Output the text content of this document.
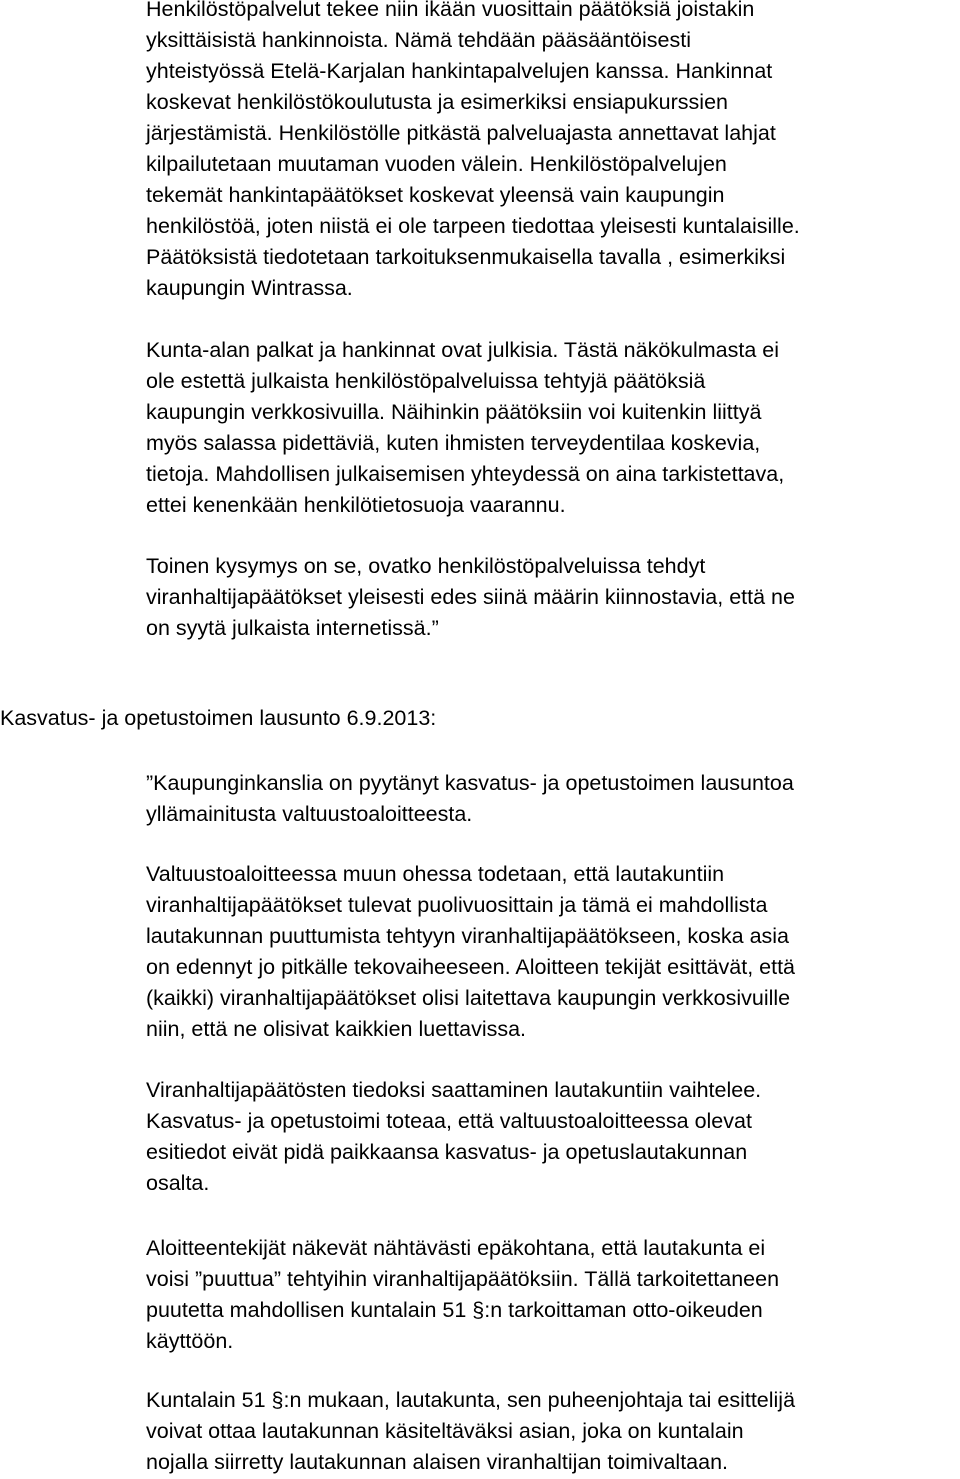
Henkilöstöpalvelut tekee niin ikään vuosittain päätöksiä joistakin
yksittäisistä hankinnoista. Nämä tehdään pääsääntöisesti
yhteistyössä Etelä-Karjalan hankintapalvelujen kanssa. Hankinnat
koskevat henkilöstökoulutusta ja esimerkiksi ensiapukurssien
järjestämistä. Henkilöstölle pitkästä palveluajasta annettavat lahjat
kilpailutetaan muutaman vuoden välein. Henkilöstöpalvelujen
tekemät hankintapäätökset koskevat yleensä vain kaupungin
henkilöstöä, joten niistä ei ole tarpeen tiedottaa yleisesti kuntalaisille.
Päätöksistä tiedotetaan tarkoituksenmukaisella tavalla , esimerkiksi
kaupungin Wintrassa.
Kunta-alan palkat ja hankinnat ovat julkisia. Tästä näkökulmasta ei
ole estettä julkaista henkilöstöpalveluissa tehtyjä päätöksiä
kaupungin verkkosivuilla. Näihinkin päätöksiin voi kuitenkin liittyä
myös salassa pidettäviä, kuten ihmisten terveydentilaa koskevia,
tietoja. Mahdollisen julkaisemisen yhteydessä on aina tarkistettava,
ettei kenenkään henkilötietosuoja vaarannu.
Toinen kysymys on se, ovatko henkilöstöpalveluissa tehdyt
viranhaltijapäätökset yleisesti edes siinä määrin kiinnostavia, että ne
on syytä julkaista internetissä.”
Kasvatus- ja opetustoimen lausunto 6.9.2013:
”Kaupunginkanslia on pyytänyt kasvatus- ja opetustoimen lausuntoa
yllämainitusta valtuustoaloitteesta.
Valtuustoaloitteessa muun ohessa todetaan, että lautakuntiin
viranhaltijapäätökset tulevat puolivuosittain ja tämä ei mahdollista
lautakunnan puuttumista tehtyyn viranhaltijapäätökseen, koska asia
on edennyt jo pitkälle tekovaiheeseen. Aloitteen tekijät esittävät, että
(kaikki) viranhaltijapäätökset olisi laitettava kaupungin verkkosivuille
niin, että ne olisivat kaikkien luettavissa.
Viranhaltijapäätösten tiedoksi saattaminen lautakuntiin vaihtelee.
Kasvatus- ja opetustoimi toteaa, että valtuustoaloitteessa olevat
esitiedot eivät pidä paikkaansa kasvatus- ja opetuslautakunnan
osalta.
Aloitteentekijät näkevät nähtävästi epäkohtana, että lautakunta ei
voisi ”puuttua” tehtyihin viranhaltijapäätöksiin. Tällä tarkoitettaneen
puutetta mahdollisen kuntalain 51 §:n tarkoittaman otto-oikeuden
käyttöön.
Kuntalain 51 §:n mukaan, lautakunta, sen puheenjohtaja tai esittelijä
voivat ottaa lautakunnan käsiteltäväksi asian, joka on kuntalain
nojalla siirretty lautakunnan alaisen viranhaltijan toimivaltaan.
